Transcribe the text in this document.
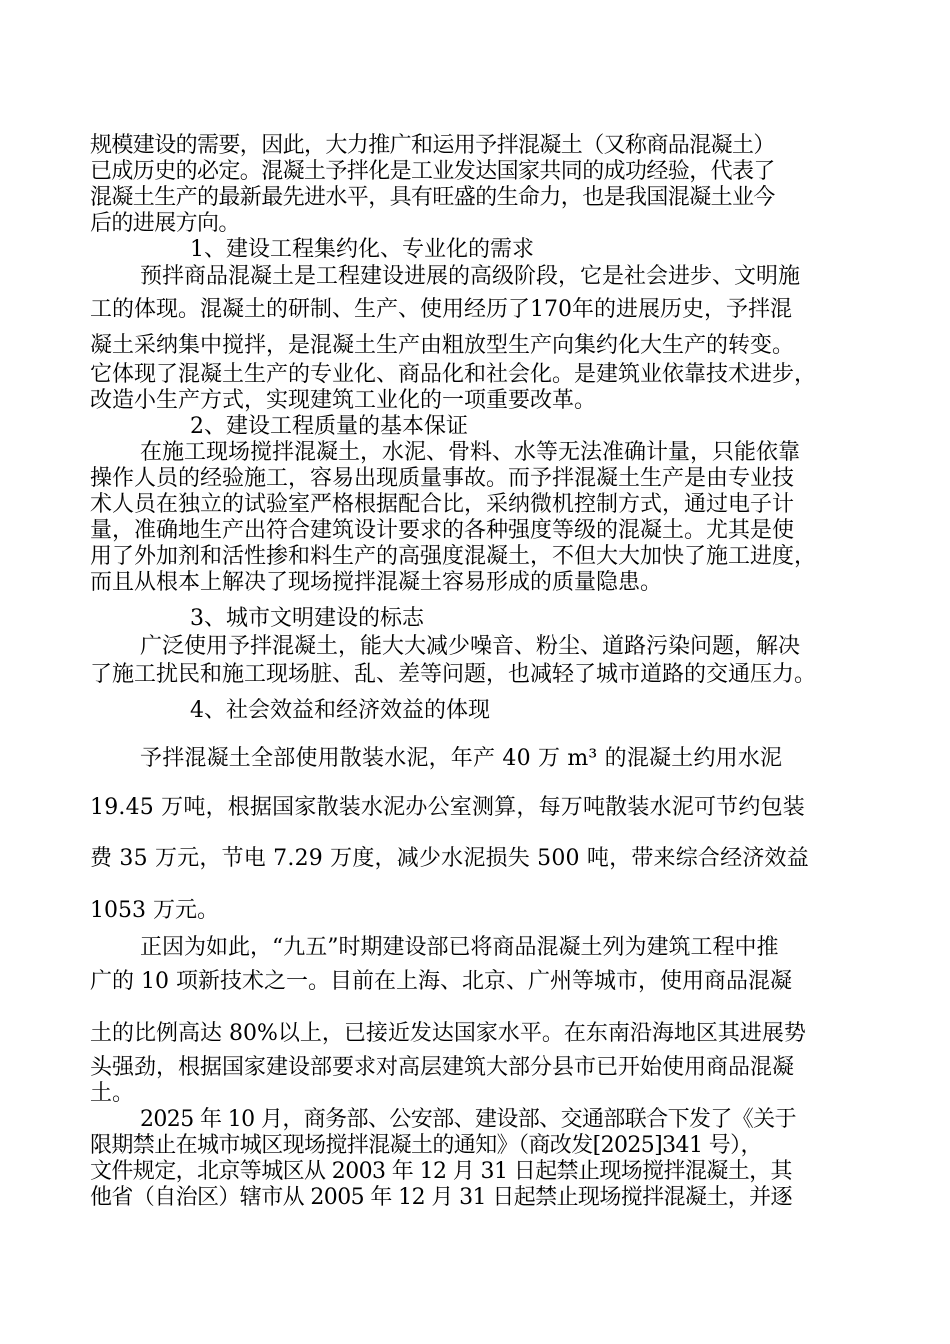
规模建设的需要，因此，大力推广和运用予拌混凝土（又称商品混凝土）
已成历史的必定。混凝土予拌化是工业发达国家共同的成功经验，代表了
混凝土生产的最新最先进水平，具有旺盛的生命力，也是我国混凝土业今
后的进展方向。
1、建设工程集约化、专业化的需求
预拌商品混凝土是工程建设进展的高级阶段，它是社会进步、文明施
工的体现。混凝土的研制、生产、使用经历了170年的进展历史，予拌混
凝土采纳集中搅拌，是混凝土生产由粗放型生产向集约化大生产的转变。
它体现了混凝土生产的专业化、商品化和社会化。是建筑业依靠技术进步，
改造小生产方式，实现建筑工业化的一项重要改革。
2、建设工程质量的基本保证
在施工现场搅拌混凝土，水泥、骨料、水等无法准确计量，只能依靠
操作人员的经验施工，容易出现质量事故。而予拌混凝土生产是由专业技
术人员在独立的试验室严格根据配合比，采纳微机控制方式，通过电子计
量，准确地生产出符合建筑设计要求的各种强度等级的混凝土。尤其是使
用了外加剂和活性掺和料生产的高强度混凝土，不但大大加快了施工进度，
而且从根本上解决了现场搅拌混凝土容易形成的质量隐患。
3、城市文明建设的标志
广泛使用予拌混凝土，能大大减少噪音、粉尘、道路污染问题，解决
了施工扰民和施工现场脏、乱、差等问题，也减轻了城市道路的交通压力。
4、社会效益和经济效益的体现
予拌混凝土全部使用散装水泥，年产 40 万 m³ 的混凝土约用水泥
19.45 万吨，根据国家散装水泥办公室测算，每万吨散装水泥可节约包装
费 35 万元，节电 7.29 万度，减少水泥损失 500 吨，带来综合经济效益
1053 万元。
正因为如此，“九五”时期建设部已将商品混凝土列为建筑工程中推
广的 10 项新技术之一。目前在上海、北京、广州等城市，使用商品混凝
土的比例高达 80%以上，已接近发达国家水平。在东南沿海地区其进展势
头强劲，根据国家建设部要求对高层建筑大部分县市已开始使用商品混凝
土。
2025 年 10 月，商务部、公安部、建设部、交通部联合下发了《关于
限期禁止在城市城区现场搅拌混凝土的通知》（商改发[2025]341 号），
文件规定，北京等城区从 2003 年 12 月 31 日起禁止现场搅拌混凝土，其
他省（自治区）辖市从 2005 年 12 月 31 日起禁止现场搅拌混凝土，并逐
